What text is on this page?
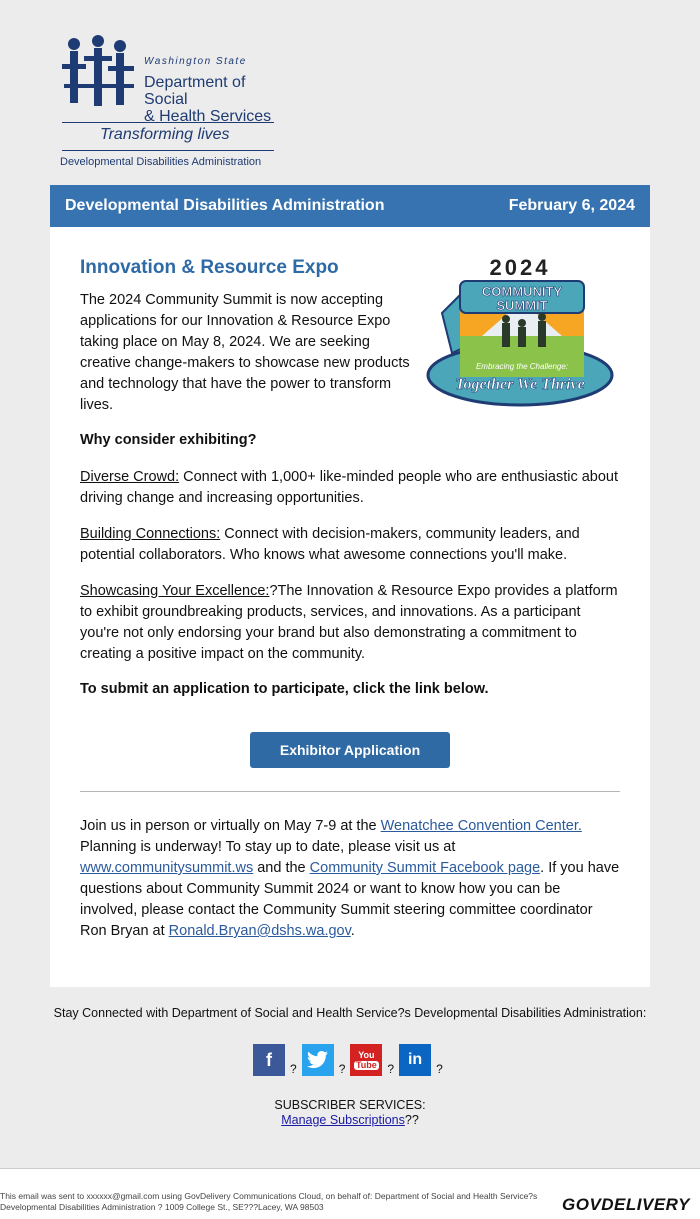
Washington State
Department of Social
& Health Services
Transforming lives
Developmental Disabilities Administration
Developmental Disabilities Administration	February 6, 2024
Innovation & Resource Expo
The 2024 Community Summit is now accepting applications for our Innovation & Resource Expo taking place on May 8, 2024. We are seeking creative change-makers to showcase new products and technology that have the power to transform lives.
2024
COMMUNITY
SUMMIT
Embracing the Challenge:
Together We Thrive
Why consider exhibiting?
Diverse Crowd: Connect with 1,000+ like-minded people who are enthusiastic about driving change and increasing opportunities.
Building Connections: Connect with decision-makers, community leaders, and potential collaborators. Who knows what awesome connections you'll make.
Showcasing Your Excellence:?The Innovation & Resource Expo provides a platform to exhibit groundbreaking products, services, and innovations. As a participant you're not only endorsing your brand but also demonstrating a commitment to creating a positive impact on the community.
To submit an application to participate, click the link below.
Exhibitor Application
Join us in person or virtually on May 7-9 at the Wenatchee Convention Center. Planning is underway! To stay up to date, please visit us at www.communitysummit.ws and the Community Summit Facebook page. If you have questions about Community Summit 2024 or want to know how you can be involved, please contact the Community Summit steering committee coordinator Ron Bryan at Ronald.Bryan@dshs.wa.gov.
Stay Connected with Department of Social and Health Service?s Developmental Disabilities Administration:
f	?	?
You
Tube ?
in
?
SUBSCRIBER SERVICES:
Manage Subscriptions??
This email was sent to xxxxxx@gmail.com using GovDelivery Communications Cloud, on behalf of: Department of Social and Health Service?s Developmental Disabilities Administration ? 1009 College St., SE???Lacey, WA 98503	GOVDELIVERY
